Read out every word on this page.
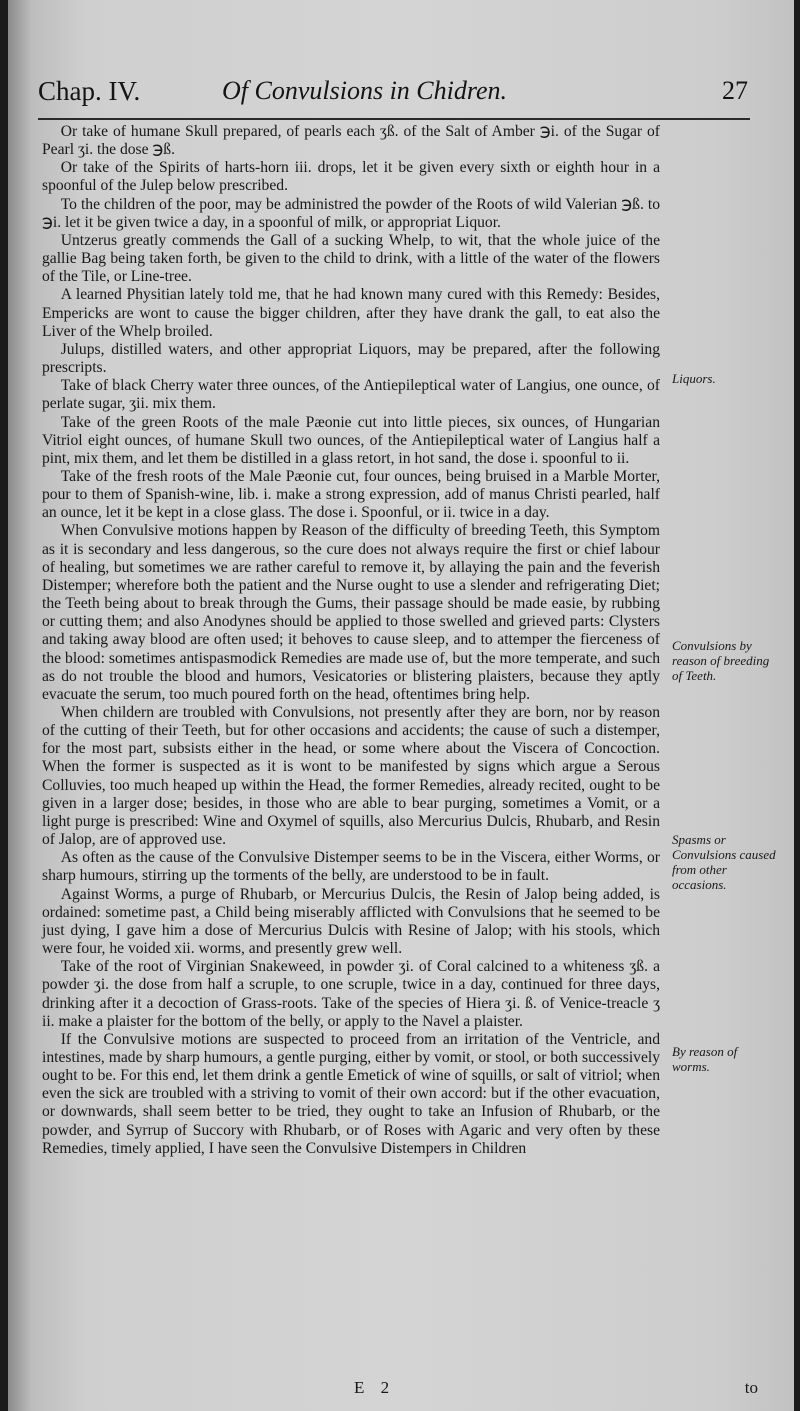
Chap. IV.	Of Convulsions in Chidren.	27

Or take of humane Skull prepared, of pearls each ʒß. of the Salt of Amber ℈i. of the Sugar of Pearl ʒi. the dose ℈ß.

Or take of the Spirits of harts-horn iii. drops, let it be given every sixth or eighth hour in a spoonful of the Julep below prescribed.

To the children of the poor, may be administred the powder of the Roots of wild Valerian ℈ß. to ℈i. let it be given twice a day, in a spoonful of milk, or appropriat Liquor.

Untzerus greatly commends the Gall of a sucking Whelp, to wit, that the whole juice of the gallie Bag being taken forth, be given to the child to drink, with a little of the water of the flowers of the Tile, or Line-tree.

A learned Physitian lately told me, that he had known many cured with this Remedy: Besides, Empericks are wont to cause the bigger children, after they have drank the gall, to eat also the Liver of the Whelp broiled.

Julups, distilled waters, and other appropriat Liquors, may be prepared, after the following prescripts.

Take of black Cherry water three ounces, of the Antiepileptical water of Langius, one ounce, of perlate sugar, ʒii. mix them.

Take of the green Roots of the male Pæonie cut into little pieces, six ounces, of Hungarian Vitriol eight ounces, of humane Skull two ounces, of the Antiepileptical water of Langius half a pint, mix them, and let them be distilled in a glass retort, in hot sand, the dose i. spoonful to ii.

Take of the fresh roots of the Male Pæonie cut, four ounces, being bruised in a Marble Morter, pour to them of Spanish-wine, lib. i. make a strong expression, add of manus Christi pearled, half an ounce, let it be kept in a close glass. The dose i. Spoonful, or ii. twice in a day.

When Convulsive motions happen by Reason of the difficulty of breeding Teeth, this Symptom as it is secondary and less dangerous, so the cure does not always require the first or chief labour of healing, but sometimes we are rather careful to remove it, by allaying the pain and the feverish Distemper; wherefore both the patient and the Nurse ought to use a slender and refrigerating Diet; the Teeth being about to break through the Gums, their passage should be made easie, by rubbing or cutting them; and also Anodynes should be applied to those swelled and grieved parts: Clysters and taking away blood are often used; it behoves to cause sleep, and to attemper the fierceness of the blood: sometimes antispasmodick Remedies are made use of, but the more temperate, and such as do not trouble the blood and humors, Vesicatories or blistering plaisters, because they aptly evacuate the serum, too much poured forth on the head, oftentimes bring help.

When childern are troubled with Convulsions, not presently after they are born, nor by reason of the cutting of their Teeth, but for other occasions and accidents; the cause of such a distemper, for the most part, subsists either in the head, or some where about the Viscera of Concoction. When the former is suspected as it is wont to be manifested by signs which argue a Serous Colluvies, too much heaped up within the Head, the former Remedies, already recited, ought to be given in a larger dose; besides, in those who are able to bear purging, sometimes a Vomit, or a light purge is prescribed: Wine and Oxymel of squills, also Mercurius Dulcis, Rhubarb, and Resin of Jalop, are of approved use.

As often as the cause of the Convulsive Distemper seems to be in the Viscera, either Worms, or sharp humours, stirring up the torments of the belly, are understood to be in fault.

Against Worms, a purge of Rhubarb, or Mercurius Dulcis, the Resin of Jalop being added, is ordained: sometime past, a Child being miserably afflicted with Convulsions that he seemed to be just dying, I gave him a dose of Mercurius Dulcis with Resine of Jalop; with his stools, which were four, he voided xii. worms, and presently grew well.

Take of the root of Virginian Snakeweed, in powder ʒi. of Coral calcined to a whiteness ʒß. a powder ʒi. the dose from half a scruple, to one scruple, twice in a day, continued for three days, drinking after it a decoction of Grass-roots. Take of the species of Hiera ʒi. ß. of Venice-treacle ʒ ii. make a plaister for the bottom of the belly, or apply to the Navel a plaister.

If the Convulsive motions are suspected to proceed from an irritation of the Ventricle, and intestines, made by sharp humours, a gentle purging, either by vomit, or stool, or both successively ought to be. For this end, let them drink a gentle Emetick of wine of squills, or salt of vitriol; when even the sick are troubled with a striving to vomit of their own accord: but if the other evacuation, or downwards, shall seem better to be tried, they ought to take an Infusion of Rhubarb, or the powder, and Syrrup of Succory with Rhubarb, or of Roses with Agaric and very often by these Remedies, timely applied, I have seen the Convulsive Distempers in Children

Liquors.
Convulsions by reason of breeding of Teeth.
Spasms or Convulsions caused from other occasions.
By reason of worms.
E 2	to
